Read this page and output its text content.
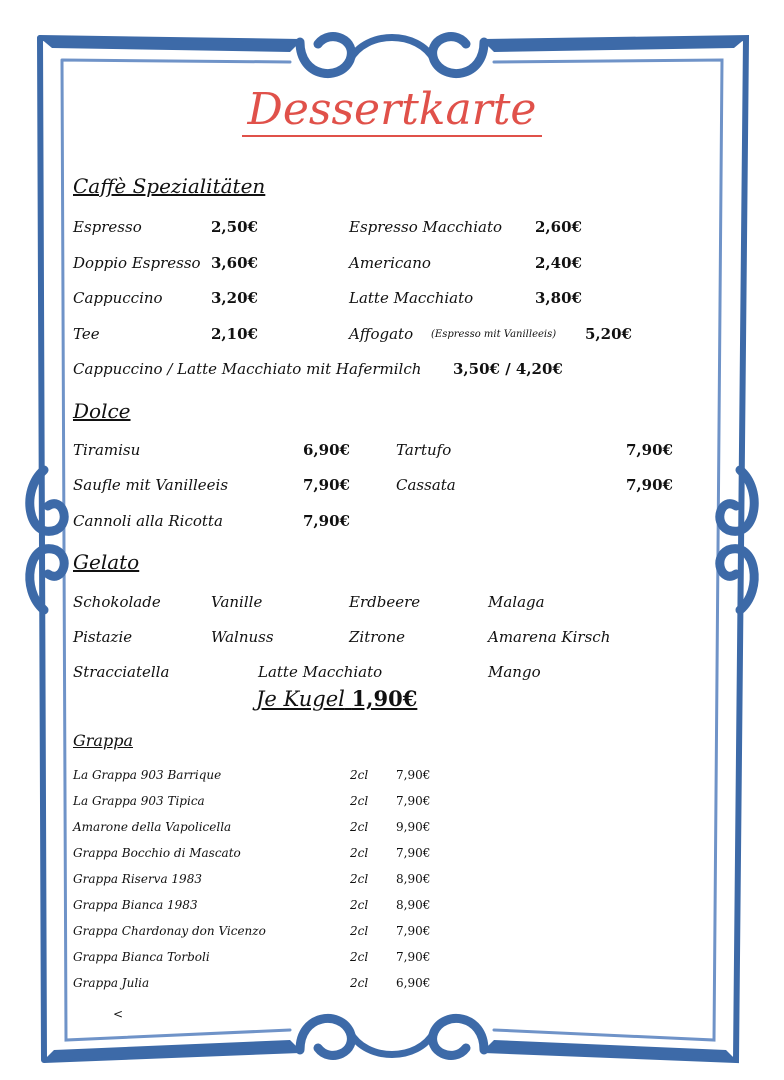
Dessertkarte
Caffè Spezialitäten
Espresso	2,50€	Espresso Macchiato 2,60€
Doppio Espresso 3,60€	Americano	2,40€
Cappuccino	3,20€	Latte Macchiato	3,80€
Tee	2,10€	Affogato (Espresso mit Vanilleeis) 5,20€
Cappuccino / Latte Macchiato mit Hafermilch 3,50€ / 4,20€
Dolce
Tiramisu	6,90€	Tartufo	7,90€
Saufle mit Vanilleeis	7,90€	Cassata	7,90€
Cannoli alla Ricotta	7,90€
Gelato
Schokolade	Vanille	Erdbeere	Malaga
Pistazie	Walnuss	Zitrone	Amarena Kirsch
Stracciatella	Latte Macchiato	Mango
Je Kugel 1,90€
Grappa
La Grappa 903 Barrique	2cl 7,90€
La Grappa 903 Tipica	2cl 7,90€
Amarone della Vapolicella	2cl 9,90€
Grappa Bocchio di Mascato	2cl 7,90€
Grappa Riserva 1983	2cl 8,90€
Grappa Bianca 1983	2cl 8,90€
Grappa Chardonay don Vicenzo	2cl 7,90€
Grappa Bianca Torboli	2cl 7,90€
Grappa Julia	2cl 6,90€
<
